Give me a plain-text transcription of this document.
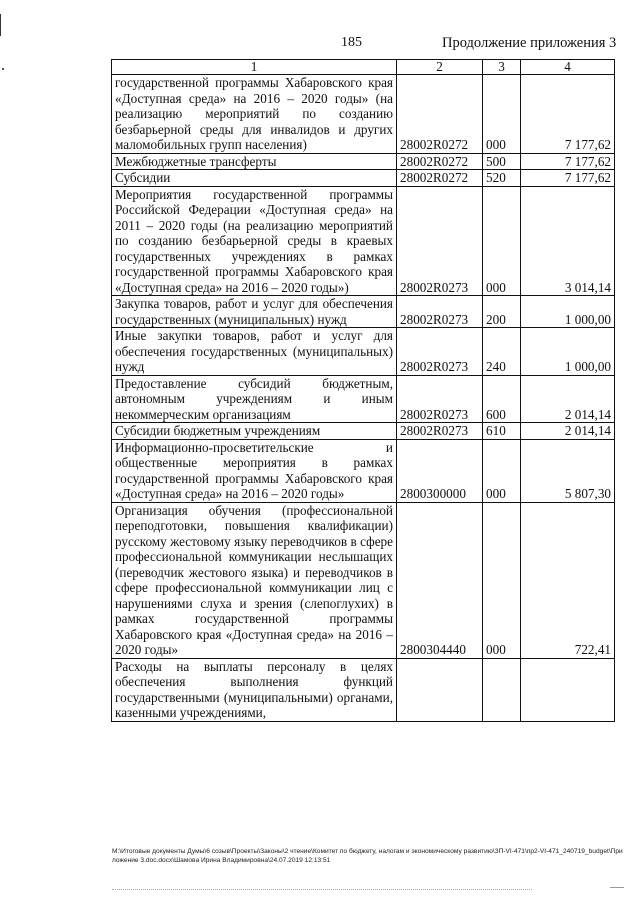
185	Продолжение приложения 3
1	2	3	4
государственной программы Хабаровского края «Доступная среда» на 2016 – 2020 годы» (на реализацию мероприятий по созданию безбарьерной среды для инвалидов и других маломобильных групп населения)	28002R0272	000	7 177,62
Межбюджетные трансферты	28002R0272	500	7 177,62
Субсидии	28002R0272	520	7 177,62
Мероприятия государственной программы Российской Федерации «Доступная среда» на 2011 – 2020 годы (на реализацию мероприятий по созданию безбарьерной среды в краевых государственных учреждениях в рамках государственной программы Хабаровского края «Доступная среда» на 2016 – 2020 годы»)	28002R0273	000	3 014,14
Закупка товаров, работ и услуг для обеспечения государственных (муниципальных) нужд	28002R0273	200	1 000,00
Иные закупки товаров, работ и услуг для обеспечения государственных (муниципальных) нужд	28002R0273	240	1 000,00
Предоставление субсидий бюджетным, автономным учреждениям и иным некоммерческим организациям	28002R0273	600	2 014,14
Субсидии бюджетным учреждениям	28002R0273	610	2 014,14
Информационно-просветительские и общественные мероприятия в рамках государственной программы Хабаровского края «Доступная среда» на 2016 – 2020 годы»	2800300000	000	5 807,30
Организация обучения (профессиональной переподготовки, повышения квалификации) русскому жестовому языку переводчиков в сфере профессиональной коммуникации неслышащих (переводчик жестового языка) и переводчиков в сфере профессиональной коммуникации лиц с нарушениями слуха и зрения (слепоглухих) в рамках государственной программы Хабаровского края «Доступная среда» на 2016 – 2020 годы»	2800304440	000	722,41
Расходы на выплаты персоналу в целях обеспечения выполнения функций государственными (муниципальными) органами, казенными учреждениями,			
М:\Итоговые документы Думы\6 созыв\Проекты\Законы\2 чтение\Комитет по бюджету, налогам и экономическому развитию\ЗП-VI-471\пр2-VI-471_240719_budget\Приложение 3.doc.docx\Шамова Ирина Владимировна\24.07.2019 12:13:51
